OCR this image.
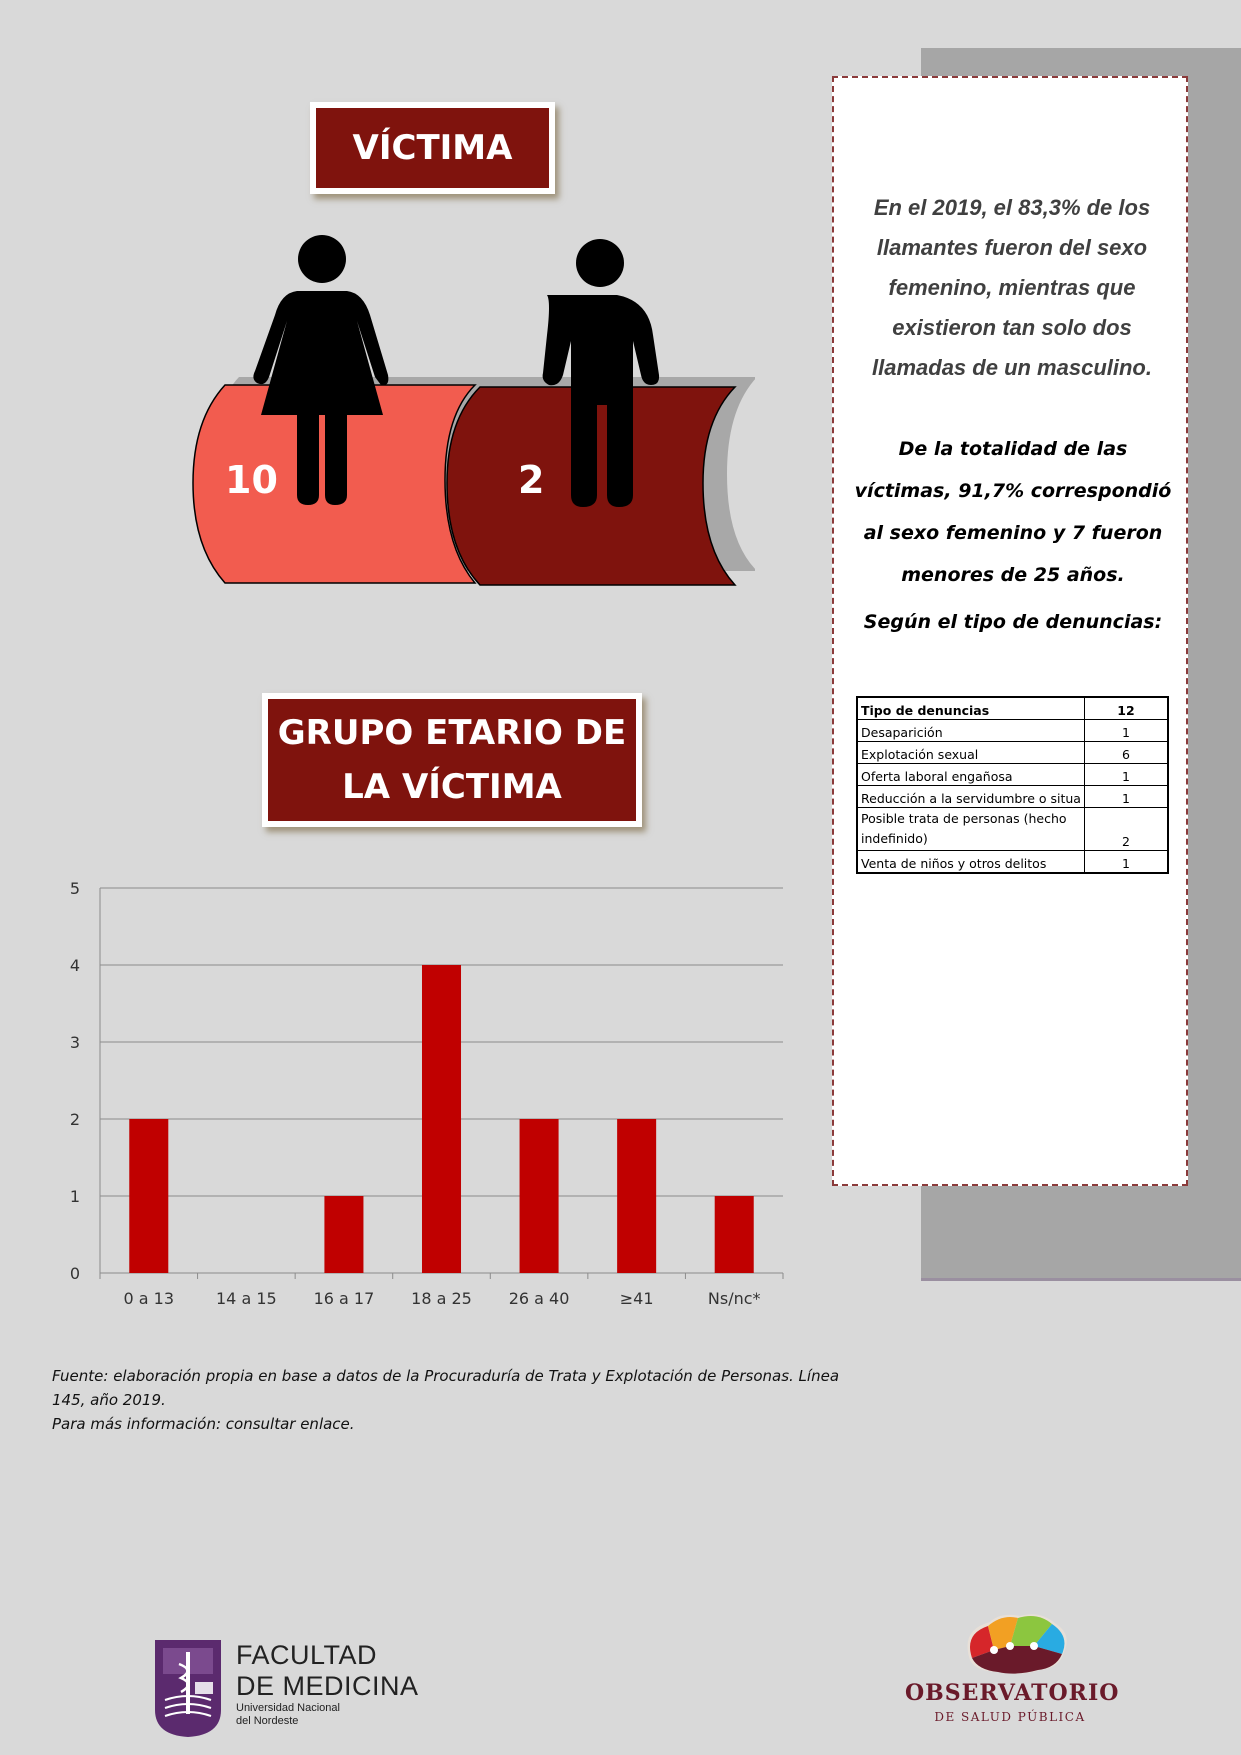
En el 2019, el 83,3% de los llamantes fueron del sexo femenino, mientras que existieron tan solo dos llamadas de un masculino.
De la totalidad de las víctimas, 91,7% correspondió al sexo femenino y 7 fueron menores de 25 años.
Según el tipo de denuncias:
Tipo de denuncias	12
Desaparición	1
Explotación sexual	6
Oferta laboral engañosa	1
Reducción a la servidumbre o situa	1
Posible trata de personas (hecho indefinido)	2
Venta de niños y otros delitos	1
VÍCTIMA
10	2
GRUPO ETARIO DE
LA VÍCTIMA
0
1
2
3
4
5
0 a 13	14 a 15 16 a 17 18 a 25 26 a 40	≥41	Ns/nc*
Fuente: elaboración propia en base a datos de la Procuraduría de Trata y Explotación de Personas. Línea
145, año 2019.
Para más información: consultar enlace.
FACULTAD
DE MEDICINA
Universidad Nacional
del Nordeste
OBSERVATORIO
DE SALUD PÚBLICA
